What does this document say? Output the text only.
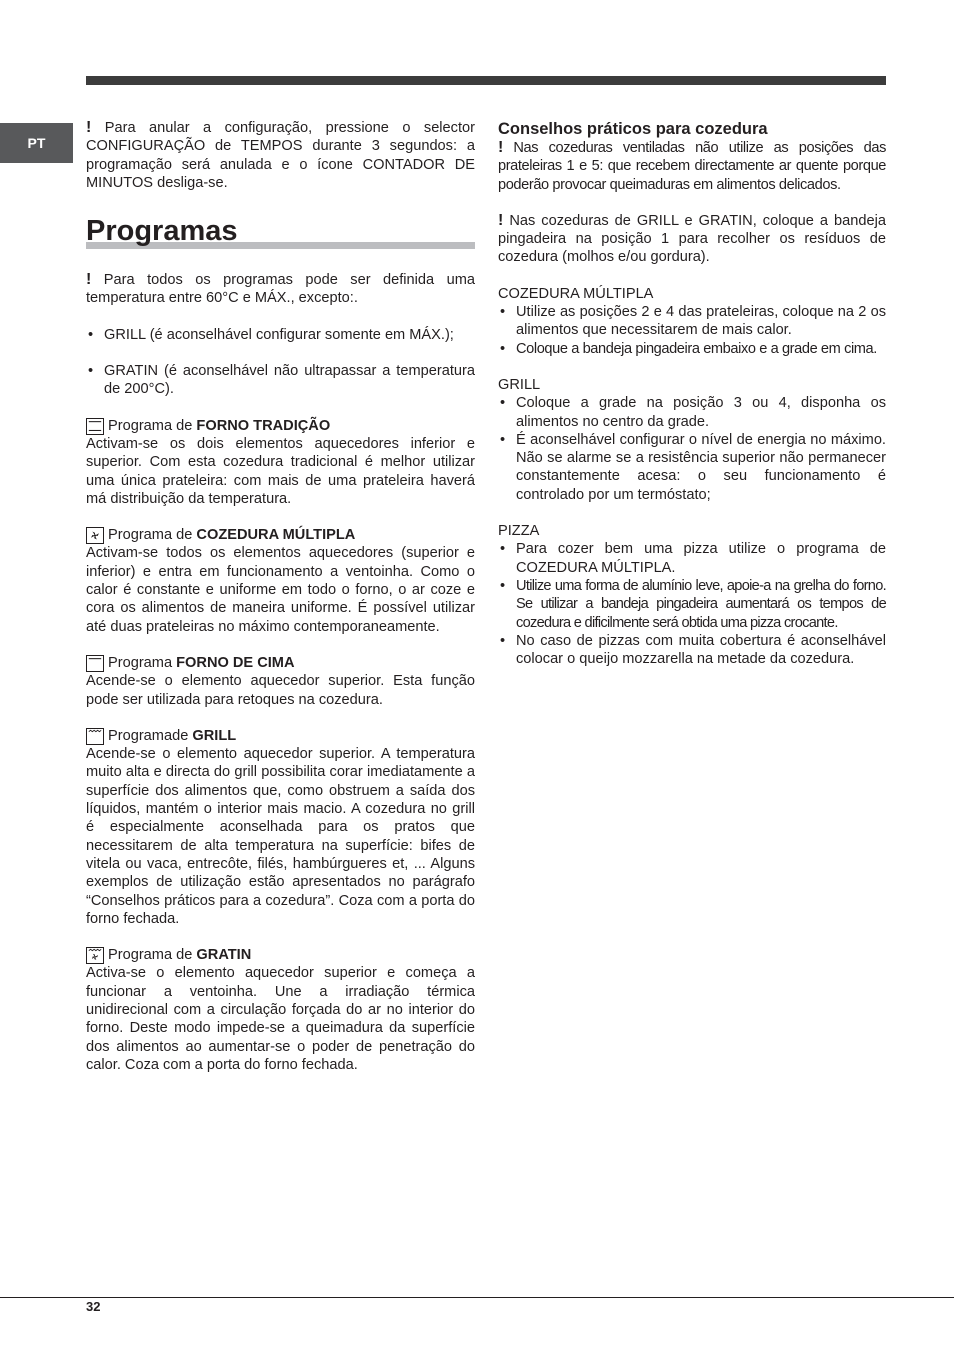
PT

! Para anular a configuração, pressione o selector CONFIGURAÇÃO de TEMPOS durante 3 segundos: a programação será anulada e o ícone CONTADOR DE MINUTOS desliga-se.

Programas

! Para todos os programas pode ser definida uma temperatura entre 60°C e MÁX., excepto:.

• GRILL (é aconselhável configurar somente em MÁX.);
• GRATIN (é aconselhável não ultrapassar a temperatura de 200°C).
Programa de FORNO TRADIÇÃO

Activam-se os dois elementos aquecedores inferior e superior. Com esta cozedura tradicional é melhor utilizar uma única prateleira: com mais de uma prateleira haverá má distribuição da temperatura.

Programa de COZEDURA MÚLTIPLA

Activam-se todos os elementos aquecedores (superior e inferior) e entra em funcionamento a ventoinha. Como o calor é constante e uniforme em todo o forno, o ar coze e cora os alimentos de maneira uniforme. É possível utilizar até duas prateleiras no máximo contemporaneamente.

Programa FORNO DE CIMA

Acende-se o elemento aquecedor superior. Esta função pode ser utilizada para retoques na cozedura.

Programade GRILL

Acende-se o elemento aquecedor superior. A temperatura muito alta e directa do grill possibilita corar imediatamente a superfície dos alimentos que, como obstruem a saída dos líquidos, mantém o interior mais macio. A cozedura no grill é especialmente aconselhada para os pratos que necessitarem de alta temperatura na superfície: bifes de vitela ou vaca, entrecôte, filés, hambúrgueres et, ... Alguns exemplos de utilização estão apresentados no parágrafo “Conselhos práticos para a cozedura”. Coza com a porta do forno fechada.

Programa de GRATIN

Activa-se o elemento aquecedor superior e começa a funcionar a ventoinha. Une a irradiação térmica unidirecional com a circulação forçada do ar no interior do forno. Deste modo impede-se a queimadura da superfície dos alimentos ao aumentar-se o poder de penetração do calor. Coza com a porta do forno fechada.

Conselhos práticos para cozedura

! Nas cozeduras ventiladas não utilize as posições das prateleiras 1 e 5: que recebem directamente ar quente porque poderão provocar queimaduras em alimentos delicados.

! Nas cozeduras de GRILL e GRATIN, coloque a bandeja pingadeira na posição 1 para recolher os resíduos de cozedura (molhos e/ou gordura).

COZEDURA MÚLTIPLA
• Utilize as posições 2 e 4 das prateleiras, coloque na 2 os alimentos que necessitarem de mais calor.
• Coloque a bandeja pingadeira embaixo e a grade em cima.
GRILL
• Coloque a grade na posição 3 ou 4, disponha os alimentos no centro da grade.
• É aconselhável configurar o nível de energia no máximo. Não se alarme se a resistência superior não permanecer constantemente acesa: o seu funcionamento é controlado por um termóstato;
PIZZA
• Para cozer bem uma pizza utilize o programa de COZEDURA MÚLTIPLA.
• Utilize uma forma de alumínio leve, apoie-a na grelha do forno. Se utilizar a bandeja pingadeira aumentará os tempos de cozedura e dificilmente será obtida uma pizza crocante.
• No caso de pizzas com muita cobertura é aconselhável colocar o queijo mozzarella na metade da cozedura.
32
